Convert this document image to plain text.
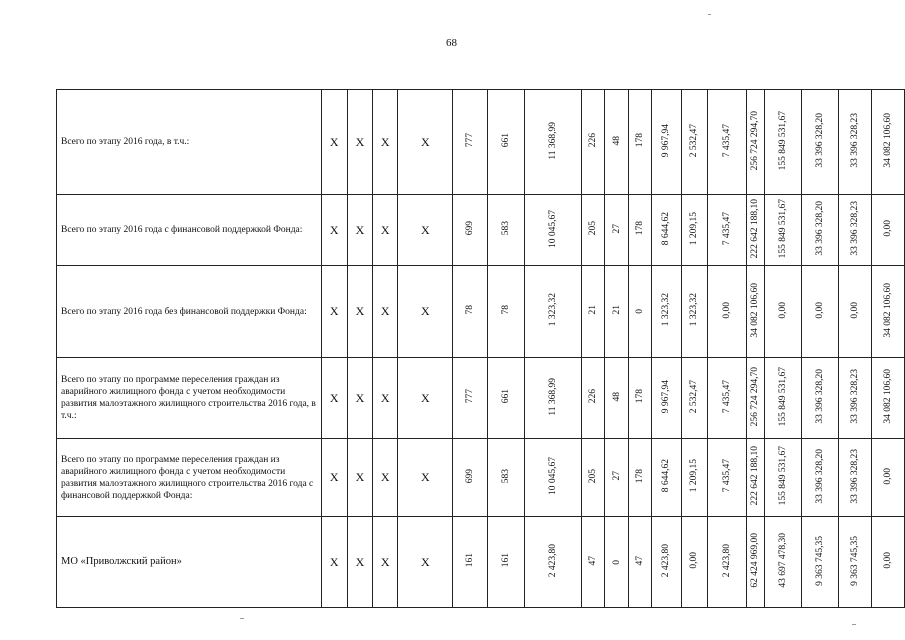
68
Всего по этапу 2016 года, в т.ч.:	Х	Х	Х	Х	777	661	11 368,99	226	48	178	9 967,94	2 532,47	7 435,47	256 724 294,70	155 849 531,67	33 396 328,20	33 396 328,23	34 082 106,60
Всего по этапу 2016 года с финансовой поддержкой Фонда:	Х	Х	Х	Х	699	583	10 045,67	205	27	178	8 644,62	1 209,15	7 435,47	222 642 188,10	155 849 531,67	33 396 328,20	33 396 328,23	0,00
Всего по этапу 2016 года без финансовой поддержки Фонда:	Х	Х	Х	Х	78	78	1 323,32	21	21	0	1 323,32	1 323,32	0,00	34 082 106,60	0,00	0,00	0,00	34 082 106,60
Всего по этапу по программе переселения граждан из аварийного жилищного фонда с учетом необходимости развития малоэтажного жилищного строительства 2016 года, в т.ч.:	Х	Х	Х	Х	777	661	11 368,99	226	48	178	9 967,94	2 532,47	7 435,47	256 724 294,70	155 849 531,67	33 396 328,20	33 396 328,23	34 082 106,60
Всего по этапу по программе переселения граждан из аварийного жилищного фонда с учетом необходимости развития малоэтажного жилищного строительства 2016 года с финансовой поддержкой Фонда:	Х	Х	Х	Х	699	583	10 045,67	205	27	178	8 644,62	1 209,15	7 435,47	222 642 188,10	155 849 531,67	33 396 328,20	33 396 328,23	0,00
МО «Приволжский район»	Х	Х	Х	Х	161	161	2 423,80	47	0	47	2 423,80	0,00	2 423,80	62 424 969,00	43 697 478,30	9 363 745,35	9 363 745,35	0,00
